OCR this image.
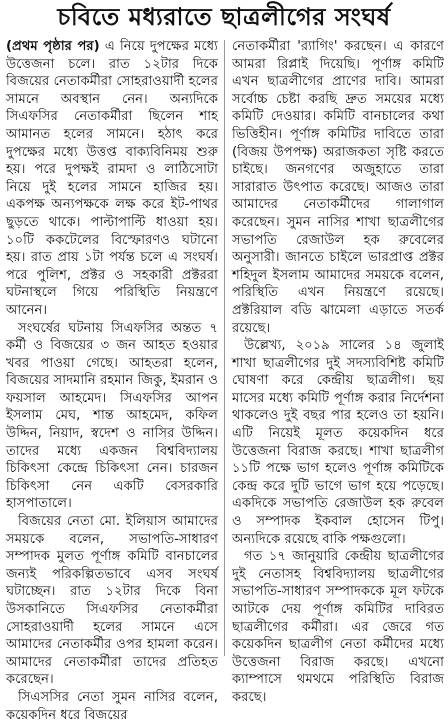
চবিতে মধ্যরাতে ছাত্রলীগের সংঘর্ষ

(প্রথম পৃষ্ঠার পর) এ নিয়ে দুপক্ষের মধ্যে উত্তেজনা চলে। রাত ১২টার দিকে বিজয়ের নেতাকর্মীরা সোহরাওয়ার্দী হলের সামনে অবস্থান নেন। অন্যদিকে সিএফসির নেতাকর্মীরা ছিলেন শাহ আমানত হলের সামনে। হঠাৎ করে দুপক্ষের মধ্যে উত্তপ্ত বাক্যবিনিময় শুরু হয়। পরে দুপক্ষই রামদা ও লাঠিসোটা নিয়ে দুই হলের সামনে হাজির হয়। একপক্ষ অন্যপক্ষকে লক্ষ করে ইট-পাথর ছুড়তে থাকে। পাল্টাপাল্টি ধাওয়া হয়। ১০টি ককটেলের বিস্ফোরণও ঘটানো হয়। রাত প্রায় ১টা পর্যন্ত চলে এ সংঘর্ষ। পরে পুলিশ, প্রক্টর ও সহকারী প্রক্টররা ঘটনাস্থলে গিয়ে পরিস্থিতি নিয়ন্ত্রণে আনেন।

সংঘর্ষের ঘটনায় সিএফসির অন্তত ৭ কর্মী ও বিজয়ের ৩ জন আহত হওয়ার খবর পাওয়া গেছে। আহতরা হলেন, বিজয়ের সাদমানি রহমান জিকু, ইমরান ও ফয়সাল আহমেদ। সিএফসির আপন ইসলাম মেঘ, শান্ত আহমেদ, কফিল উদ্দিন, নিয়াদ, স্বদেশ ও নাসির উদ্দিন। তাদের মধ্যে একজন বিশ্ববিদ্যালয় চিকিৎসা কেন্দ্রে চিকিৎসা নেন। চারজন চিকিৎসা নেন একটি বেসরকারি হাসপাতালে।

বিজয়ের নেতা মো. ইলিয়াস আমাদের সময়কে বলেন, সভাপতি-সাধারণ সম্পাদক মুলত পূর্ণাঙ্গ কমিটি বানচালের জন্যই পরিকল্পিতভাবে এসব সংঘর্ষ ঘটাচ্ছেন। রাত ১২টার দিকে বিনা উসকানিতে সিএফসির নেতাকর্মীরা সোহরাওয়ার্দী হলের সামনে এসে আমাদের নেতাকর্মীর ওপর হামলা করেন। আমাদের নেতাকর্মীরা তাদের প্রতিহত করেছেন।

সিএসসির নেতা সুমন নাসির বলেন, কয়েকদিন ধরে বিজয়ের

নেতাকর্মীরা 'র‍্যাগিং' করছেন। এ কারণে আমরা রিপ্লাই দিয়েছি। পূর্ণাঙ্গ কমিটি এখন ছাত্রলীগের প্রাণের দাবি। আমরা সর্বোচ্চ চেষ্টা করছি দ্রুত সময়ের মধ্যে কমিটি দেওয়ার। কমিটি বানচালের কথা ভিত্তিহীন। পূর্ণাঙ্গ কমিটির দাবিতে তারা (বিজয় উপপক্ষ) অরাজকতা সৃষ্টি করতে চাইছে। জনগণের অজুহাতে তারা সারারাত উৎপাত করেছে। আজও তারা আমাদের নেতাকর্মীদের গালাগাল করেছেন। সুমন নাসির শাখা ছাত্রলীগের সভাপতি রেজাউল হক রুবেলের অনুসারী। জানতে চাইলে ভারপ্রাপ্ত প্রক্টর শহিদুল ইসলাম আমাদের সময়কে বলেন, পরিস্থিতি এখন নিয়ন্ত্রণে রয়েছে। প্রক্টরিয়াল বডি ঝামেলা এড়াতে সতর্ক রয়েছে।

উল্লেখ্য, ২০১৯ সালের ১৪ জুলাই শাখা ছাত্রলীগের দুই সদস্যবিশিষ্ট কমিটি ঘোষণা করে কেন্দ্রীয় ছাত্রলীগ। ছয় মাসের মধ্যে কমিটি পূর্ণাঙ্গ করার নির্দেশনা থাকলেও দুই বছর পার হলেও তা হয়নি। এটি নিয়েই মূলত কয়েকদিন ধরে উত্তেজনা বিরাজ করছে। শাখা ছাত্রলীগ ১১টি পক্ষে ভাগ হলেও পূর্ণাঙ্গ কমিটিকে কেন্দ্র করে দুটি ভাগে ভাগ হয়ে পড়েছে। একদিকে সভাপতি রেজাউল হক রুবেল ও সম্পাদক ইকবাল হোসেন টিপু। অন্যদিকে রয়েছে বাকি পক্ষগুলো।

গত ১৭ জানুয়ারি কেন্দ্রীয় ছাত্রলীগের দুই নেতাসহ বিশ্ববিদ্যালয় ছাত্রলীগের সভাপতি-সাধারণ সম্পাদককে মূল ফটকে আটকে দেয় পূর্ণাঙ্গ কমিটির দাবিরত ছাত্রলীগের কর্মীরা। এর জেরে গত কয়েকদিন ছাত্রলীগ নেতা কর্মীদের মধ্যে উত্তেজনা বিরাজ করছে। এখনো ক্যাম্পাসে থমথমে পরিস্থিতি বিরাজ করছে।
